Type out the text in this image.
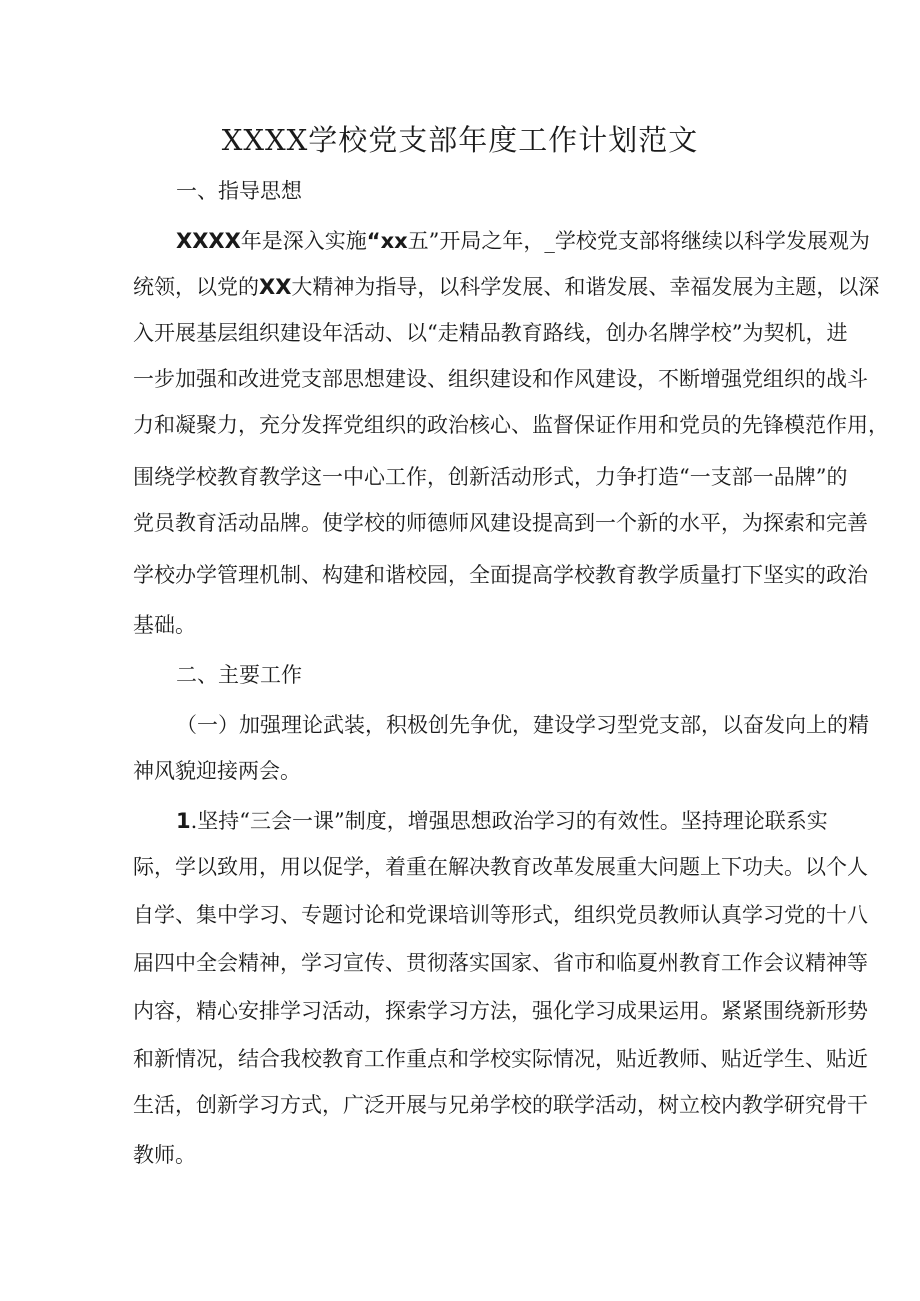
XXXX学校党支部年度工作计划范文
一、指导思想
XXXX年是深入实施“xx五”开局之年，_学校党支部将继续以科学发展观为
统领，以党的XX大精神为指导，以科学发展、和谐发展、幸福发展为主题，以深
入开展基层组织建设年活动、以“走精品教育路线，创办名牌学校”为契机，进
一步加强和改进党支部思想建设、组织建设和作风建设，不断增强党组织的战斗
力和凝聚力，充分发挥党组织的政治核心、监督保证作用和党员的先锋模范作用，
围绕学校教育教学这一中心工作，创新活动形式，力争打造“一支部一品牌”的
党员教育活动品牌。使学校的师德师风建设提高到一个新的水平，为探索和完善
学校办学管理机制、构建和谐校园，全面提高学校教育教学质量打下坚实的政治
基础。
二、主要工作
（一）加强理论武装，积极创先争优，建设学习型党支部，以奋发向上的精
神风貌迎接两会。
1.坚持“三会一课”制度，增强思想政治学习的有效性。坚持理论联系实
际，学以致用，用以促学，着重在解决教育改革发展重大问题上下功夫。以个人
自学、集中学习、专题讨论和党课培训等形式，组织党员教师认真学习党的十八
届四中全会精神，学习宣传、贯彻落实国家、省市和临夏州教育工作会议精神等
内容，精心安排学习活动，探索学习方法，强化学习成果运用。紧紧围绕新形势
和新情况，结合我校教育工作重点和学校实际情况，贴近教师、贴近学生、贴近
生活，创新学习方式，广泛开展与兄弟学校的联学活动，树立校内教学研究骨干
教师。
